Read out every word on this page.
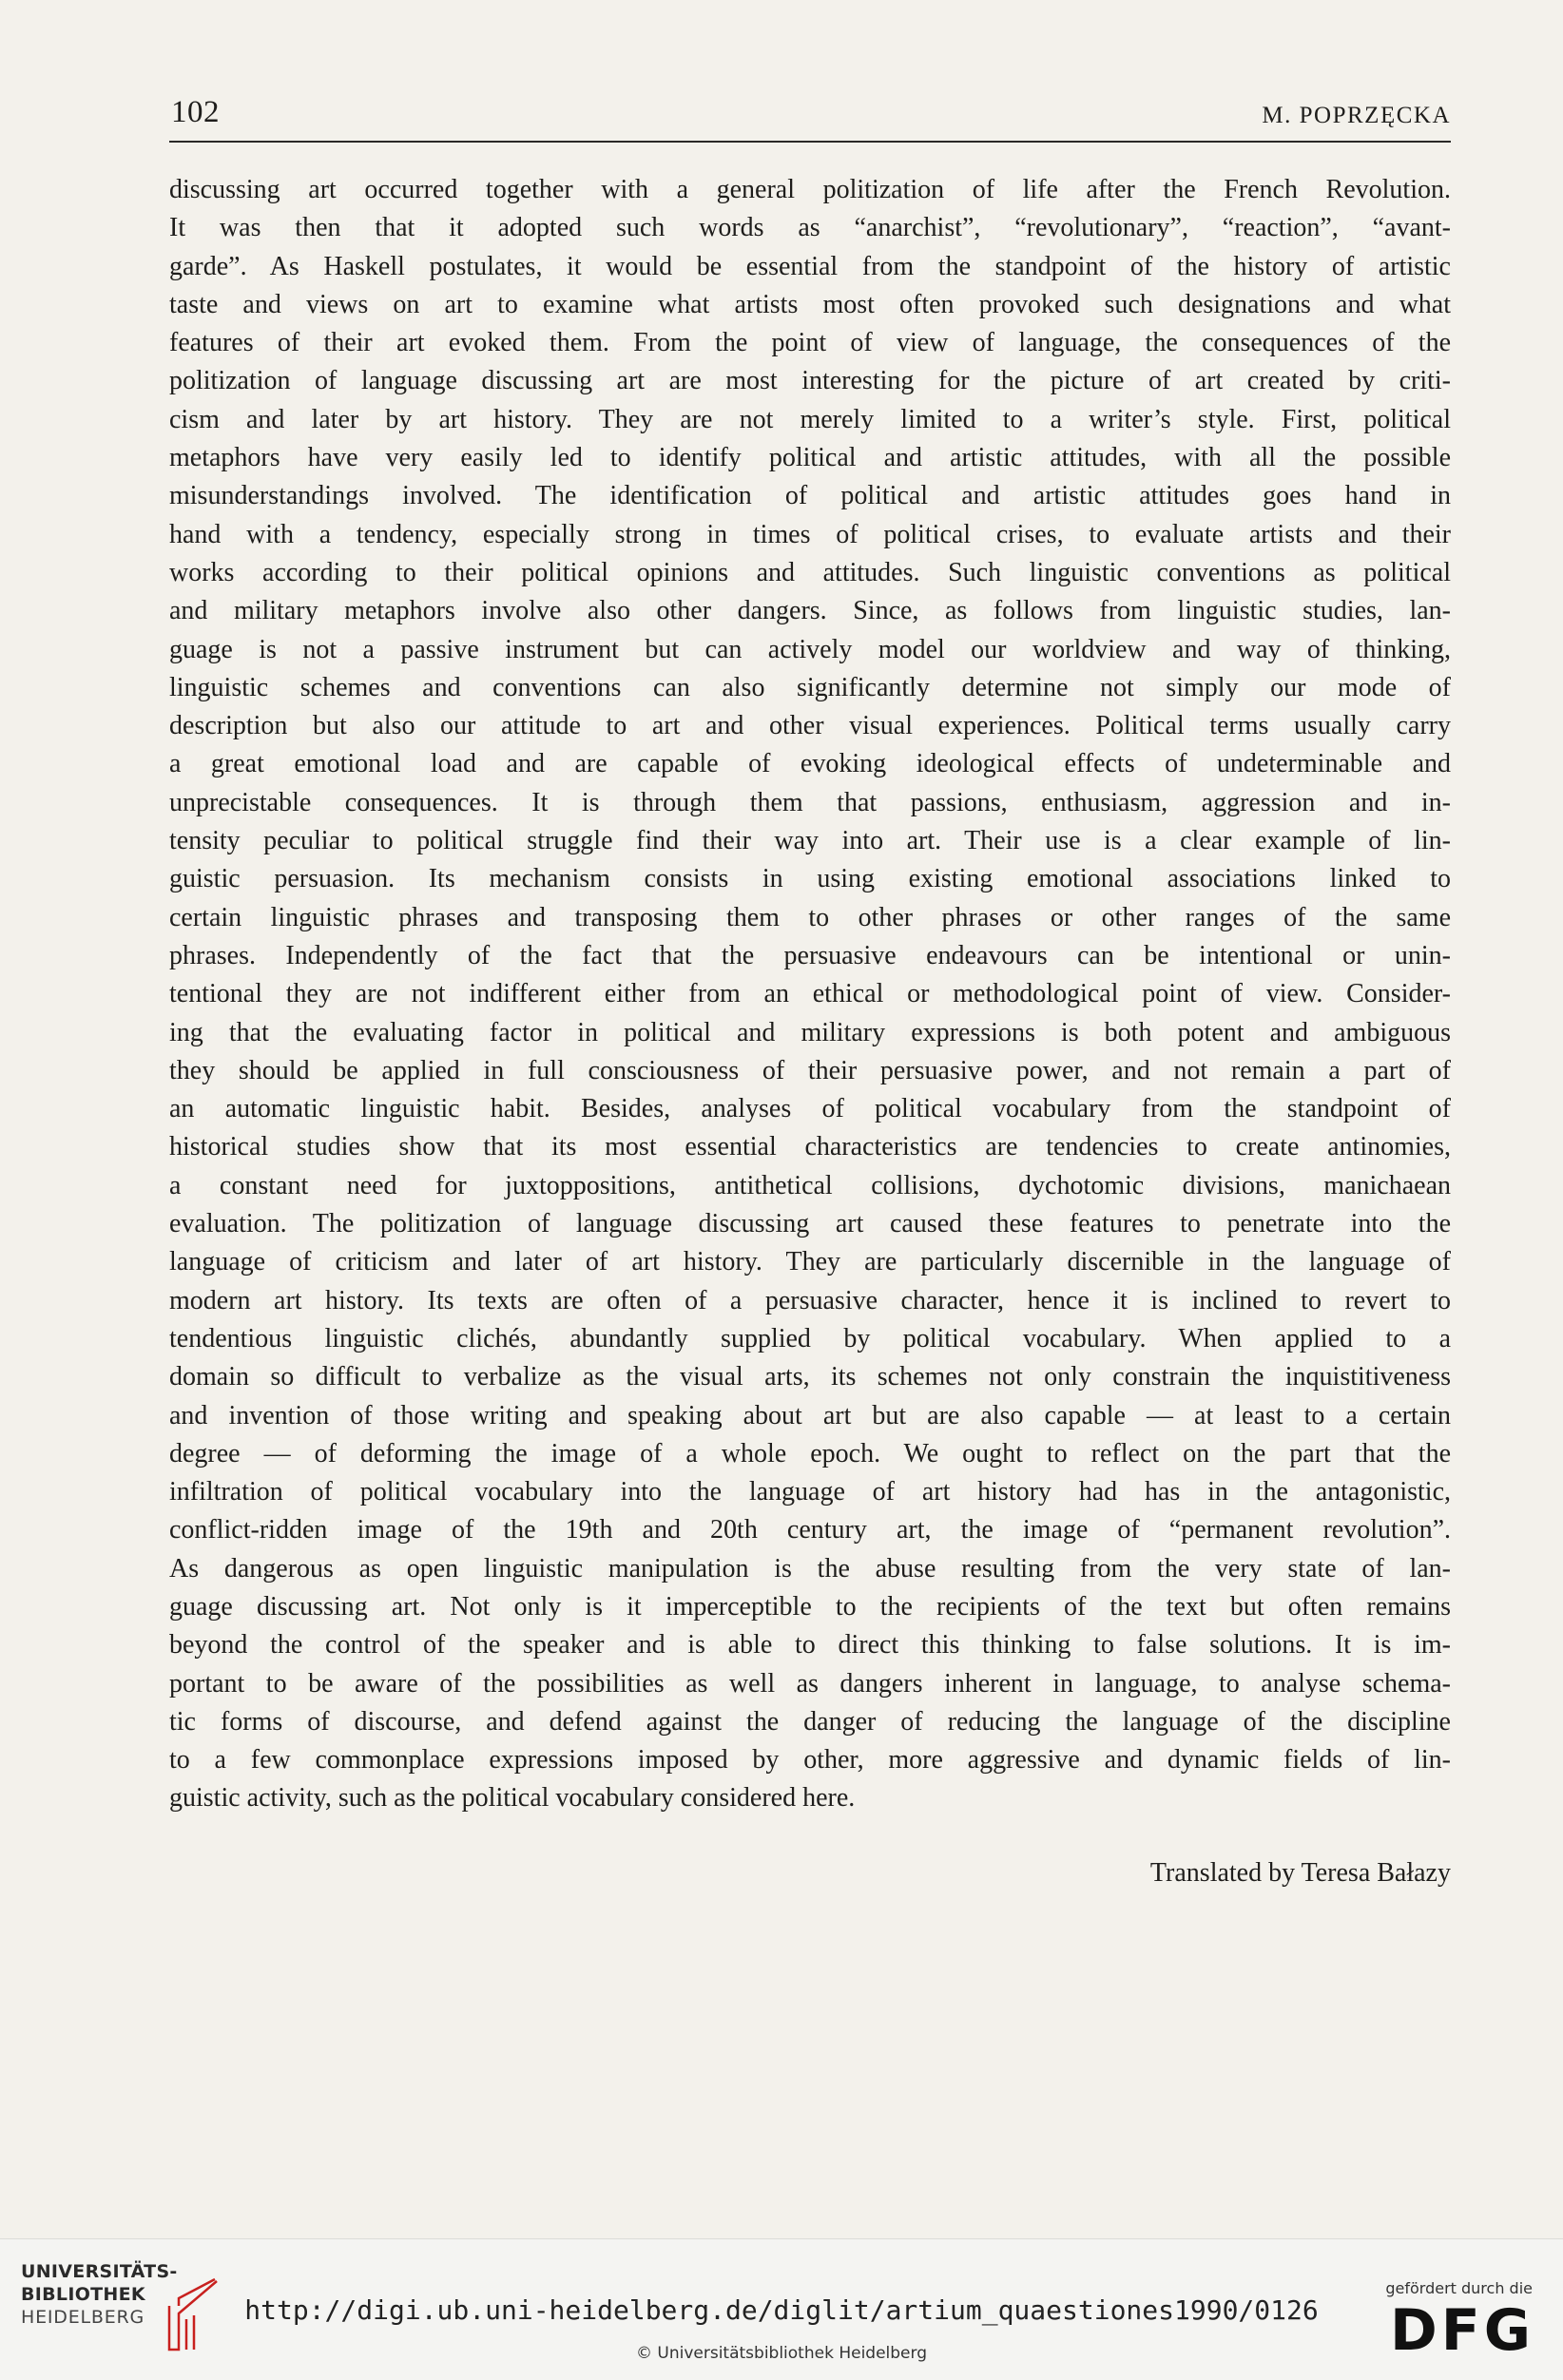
102	M. POPRZĘCKA
discussing art occurred together with a general politization of life after the French Revolution.
It was then that it adopted such words as “anarchist”, “revolutionary”, “reaction”, “avant-
garde”. As Haskell postulates, it would be essential from the standpoint of the history of artistic
taste and views on art to examine what artists most often provoked such designations and what
features of their art evoked them. From the point of view of language, the consequences of the
politization of language discussing art are most interesting for the picture of art created by criti-
cism and later by art history. They are not merely limited to a writer’s style. First, political
metaphors have very easily led to identify political and artistic attitudes, with all the possible
misunderstandings involved. The identification of political and artistic attitudes goes hand in
hand with a tendency, especially strong in times of political crises, to evaluate artists and their
works according to their political opinions and attitudes. Such linguistic conventions as political
and military metaphors involve also other dangers. Since, as follows from linguistic studies, lan-
guage is not a passive instrument but can actively model our worldview and way of thinking,
linguistic schemes and conventions can also significantly determine not simply our mode of
description but also our attitude to art and other visual experiences. Political terms usually carry
a great emotional load and are capable of evoking ideological effects of undeterminable and
unprecistable consequences. It is through them that passions, enthusiasm, aggression and in-
tensity peculiar to political struggle find their way into art. Their use is a clear example of lin-
guistic persuasion. Its mechanism consists in using existing emotional associations linked to
certain linguistic phrases and transposing them to other phrases or other ranges of the same
phrases. Independently of the fact that the persuasive endeavours can be intentional or unin-
tentional they are not indifferent either from an ethical or methodological point of view. Consider-
ing that the evaluating factor in political and military expressions is both potent and ambiguous
they should be applied in full consciousness of their persuasive power, and not remain a part of
an automatic linguistic habit. Besides, analyses of political vocabulary from the standpoint of
historical studies show that its most essential characteristics are tendencies to create antinomies,
a constant need for juxtoppositions, antithetical collisions, dychotomic divisions, manichaean
evaluation. The politization of language discussing art caused these features to penetrate into the
language of criticism and later of art history. They are particularly discernible in the language of
modern art history. Its texts are often of a persuasive character, hence it is inclined to revert to
tendentious linguistic clichés, abundantly supplied by political vocabulary. When applied to a
domain so difficult to verbalize as the visual arts, its schemes not only constrain the inquistitiveness
and invention of those writing and speaking about art but are also capable — at least to a certain
degree — of deforming the image of a whole epoch. We ought to reflect on the part that the
infiltration of political vocabulary into the language of art history had has in the antagonistic,
conflict-ridden image of the 19th and 20th century art, the image of “permanent revolution”.
As dangerous as open linguistic manipulation is the abuse resulting from the very state of lan-
guage discussing art. Not only is it imperceptible to the recipients of the text but often remains
beyond the control of the speaker and is able to direct this thinking to false solutions. It is im-
portant to be aware of the possibilities as well as dangers inherent in language, to analyse schema-
tic forms of discourse, and defend against the danger of reducing the language of the discipline
to a few commonplace expressions imposed by other, more aggressive and dynamic fields of lin-
guistic activity, such as the political vocabulary considered here.
Translated by Teresa Bałazy
UNIVERSITÄTS-
BIBLIOTHEK
HEIDELBERG	http://digi.ub.uni-heidelberg.de/diglit/artium_quaestiones1990/0126
© Universitätsbibliothek Heidelberg
gefördert durch die
DFG
